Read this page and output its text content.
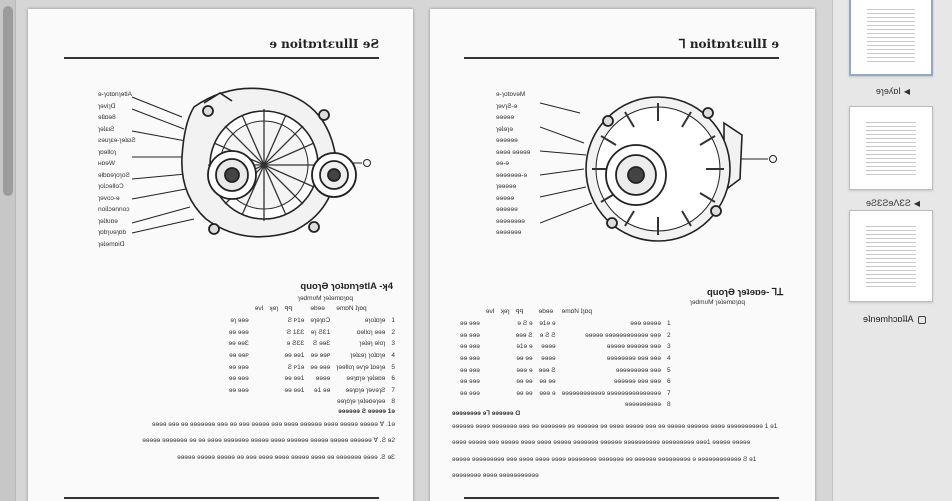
ɘ noitɒɿtɛullI ɘƧ
ɘ-ɿotɒnɿɘtlA
ɿɘviɿᗡ
ɘlʇɒɘ8
ɿɘʇɛιƧ
ƨɘuɿɛɘ-ɿɘʇɛιƧ
ɿɒɘlloɿ
ʜɒɘW
ɘlbɒɘɿoɿoƧ
ɿoʇɔɘlloƆ
ɿɘvoɔ-ɘ
noiʇɔɘnnoɔ
ɿɘʇlυɒɘ
ɿɒbɿυɘɿɒb
ɿɘʇɘmɒiᗡ
quoɿӘ ɿoʇɒnɿɘtlA -ʞ4
ɿɘdmυM ɿɘʇɘmɒɿɒq
	ɘmɒN ʇɿɒq	ɘbɘɘ	ꟼꟼ	ʞɘɿ	ɘνI	
1	ɘɿoʇɒɿɘ	ɘɿɘɿɒƆ	Ƨ ᴩ1ɘ			ɘɿ ɘɘɘ
2	ɒɘlloɿ ɘɘɘ	ɘɿ ƧƐ1	Ƨ 1ƐƐ			ɘɘ ɘɘɘ
3	ɿɘʇɘɿ ɘloɿ	Ƨ ɘɘƐ	ɘ ƧƐƐ			ɘɘ ɘɘƐ
4	ɿɘʇɛɘɿ ɿoʇɒɿɘ	ɘɘ ɘɘᴩ	ɘɘ ɘɘ1			ɘɘ ɘɘᴩ
5	ɿɘɘlloɿ ɘvɿɘ ʇɒɘɿɘ	ɘɘ ɘɘɘ	Ƨ ᴩ1ɘ			ɘɘ ɘɘɘ
6	ɘɘɿɒɿɘ ɿɘʇɘɒɘ	ɘɘɘɘ	ɘɘ ɘɘ1			ɘɘ ɘɘɘ
7	ɘɘɿɒɿɘ ɿɘvɘɿƧ	ɘ1 ɘɘ	ɘɘ ɘɘ1			ɘɘ ɘɘɘ
8	ɘɘɿɒɿɘ ɿɘʇɘɒɘɿɘɘ					

ɘɘɘɘɘɘ Ƨ ɘɘɘɘɘ 1ɘ

ɘɘɘɘ ɘɘɘ ɘɘ ɘɘɘɘɘɘɘ ɘɘɘ ɘɘ ɘɘɘ ɘɘɘɘɘ ɘɘɘ ɘɘɘɘ ɘɘɘɘɘɘ ɘɘɘɘ ɘɘɘɘɘ ɘɘɘɘɘ Ɐ .1ɘ

ɘɘɘɘɘ ɘɘɘɘɘɘɘ ɘɘ ɘɘ ɘɘɘɘ ɘɘɘɘɘɘɘ ɘɘɘɘɘ ɘɘɘɘ ɘɘɘɘɘɘ ɘɘɘɘɘ ɘɘɘɘɘ ɘɘɘɘɘɘ Ɐ .Ƨ ɘ2

ɘɘɘɘɘ ɘɘɘɘɘ ɘɘɘɘɘ ɘɘ ɘɘɘ ɘɘɘɘ ɘɘɘɘ ɘɘɘɘɘ ɘɘɘɘ ɘɘ ɘɘɘɘɘɘɘ ɘɘɘɘ .Ƨ ɘƐ

ꓶ noitɒɿtɛullI ɘ
ɘ-ɿotɒvɘM
ɿɘvɿƧ-ɘ
ɘɘɘɘɘ
ɿɘʇɘɿɘ
ɘɘɘɘɘɘ
ɘɘɘɘ ɘɘɘɘɘ
ɘɘ-ɘ
ɘɘɘɘɘɘɘ-ɘ
ɿɘɘɘɘɘ
ɘɘɘɘɘ
ɘɘɘɘɘɘ
ɘɘɘɘɘɘɘɘ
ɘɘɘɘɘɘɘ
quoɿӘ ɿɘʇɘɒɘ- Ꞁꓕ
ɿɘdmυM ɿɘʇɘmɒɿɒq
	ɘmɒN ʇɿɒq	ɘbɘɘ	ꟼꟼ	ʞɘɿ	ɘνI	
1	ɘɘɘ ɘɘɘɘɘ	ɘ1ɘ ɘ	ɘ Ƨ ɘ			ɘɘ ɘɘɘ
2	ɘɘɘɘɘ ɘɘɘɘɘɘɘɘɘɘɘɘ ɘɘɘ	ɘ Ƨ Ƨ	ɘɘɘ Ƨ			ɘɘ ɘɘɘ
3	ɘɘɘɘɘ ɘɘɘɘɘɘ ɘɘɘ	ɘɘɘɘ	ɘ1ɘ ɘ			ɘɘ ɘɘɘ
4	ɘɘɘɘɘɘɘɘ ɘɘɘ ɘɘɘ	ɘɘɘɘ	ɘɘ ɘɘ			ɘɘ ɘɘɘ
5	ɘɘɘɘɘɘɘɘɘ ɘɘɘ	ɘɘɘ Ƨ	ɘɘɘ ɘ			ɘɘ ɘɘɘ
6	ɘɘɘɘɘɘ ɘɘɘ ɘɘɘ	ɘɘ ɘɘ	ɘɘ ɘɘ			ɘɘ ɘɘɘ
7	ɘɘɘɘɘɘɘɘɘɘɘɘ ɘɘɘɘɘɘɘɘɘɘɘɘɘɘɘ	ɘɘɘ ɘ	ɘɘ ɘɘ			ɘɘ ɘɘɘ
8	ɘɘɘɘɘɘɘɘɘɘ					

ɘɘɘɘɘɘɘɘ ɘꓶ ɘɘɘɘɘɘ Ɑ

ɘɘɘɘɘɘ ɘɘɘɘ ɘɘɘɘɘɘɘ ɘɘɘ ɘɘ ɘɘɘɘɘɘɘ ɘɘ ɘɘɘɘɘɘ ɘɘ ɘɘɘɘ ɘɘɘɘɘ ɘɘɘ ɘɘ ɘɘɘɘɘ ɘɘɘɘɘɘ ɘɘɘɘ ɘɘɘɘɘɘɘɘɘɘ 1 ɘ1

ɘɘɘɘ ɘɘɘɘɘ ɘɘɘ ɘɘɘɘɘ ɘɘɘɘ ɘɘɘɘ ɘɘɘɘɘ ɘɘɘɘɘɘɘ ɘɘɘɘɘɘ ɘɘɘɘɘɘɘɘɘɘ ɘɘɘɘɘɘɘɘɘ ɘɘɘ1 ɘɘɘɘɘ ɘɘɘɘɘ

ɘɘɘɘɘ ɘɘɘɘɘɘɘɘɘ ɘɘɘ ɘɘɘɘ ɘɘɘɘ ɘɘɘɘ ɘɘɘɘɘɘɘɘ ɘɘɘɘɘɘɘ ɘɘ ɘɘɘɘɘɘ ɘɘɘɘɘɘɘɘɘ ɘ ɘɘɘɘɘɘɘɘɘɘɘɘ Ƨ ɘ1

ɘɘɘɘɘɘɘɘ ɘɘɘɘ ɘɘɘɘɘɘɘɘɘɘɘ

ɘɿɘʎɒI ◀
ɘƧƐƧɘΛƐƧ ◀
ɘʇnɘmhɔɒʇʇA
